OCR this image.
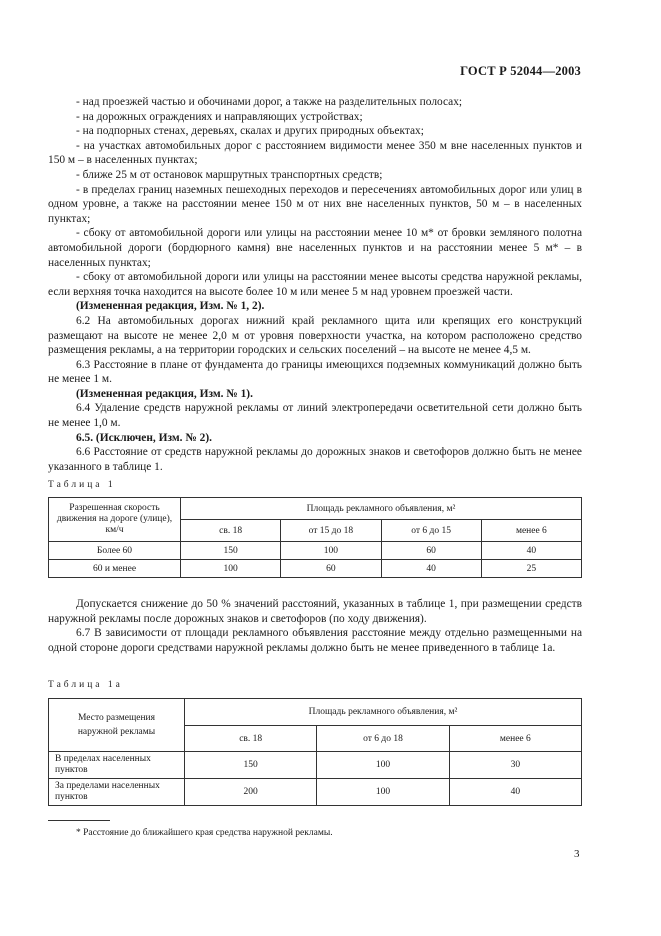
ГОСТ Р 52044—2003

- над проезжей частью и обочинами дорог, а также на разделительных полосах;

- на дорожных ограждениях и направляющих устройствах;

- на подпорных стенах, деревьях, скалах и других природных объектах;

- на участках автомобильных дорог с расстоянием видимости менее 350 м вне населенных пунктов и 150 м – в населенных пунктах;

- ближе 25 м от остановок маршрутных транспортных средств;

- в пределах границ наземных пешеходных переходов и пересечениях автомобильных дорог или улиц в одном уровне, а также на расстоянии менее 150 м от них вне населенных пунктов, 50 м – в населенных пунктах;

- сбоку от автомобильной дороги или улицы на расстоянии менее 10 м* от бровки земляного полотна автомобильной дороги (бордюрного камня) вне населенных пунктов и на расстоянии менее 5 м* – в населенных пунктах;

- сбоку от автомобильной дороги или улицы на расстоянии менее высоты средства наружной рекламы, если верхняя точка находится на высоте более 10 м или менее 5 м над уровнем проезжей части.

(Измененная редакция, Изм. № 1, 2).

6.2 На автомобильных дорогах нижний край рекламного щита или крепящих его конструкций размещают на высоте не менее 2,0 м от уровня поверхности участка, на котором расположено средство размещения рекламы, а на территории городских и сельских поселений – на высоте не менее 4,5 м.

6.3 Расстояние в плане от фундамента до границы имеющихся подземных коммуникаций должно быть не менее 1 м.

(Измененная редакция, Изм. № 1).

6.4 Удаление средств наружной рекламы от линий электропередачи осветительной сети должно быть не менее 1,0 м.

6.5. (Исключен, Изм. № 2).

6.6 Расстояние от средств наружной рекламы до дорожных знаков и светофоров должно быть не менее указанного в таблице 1.

Таблица 1
Разрешенная скорость движения на дороге (улице), км/ч	Площадь рекламного объявления, м²			
	св. 18	от 15 до 18	от 6 до 15	менее 6
Более 60	150	100	60	40
60 и менее	100	60	40	25

Допускается снижение до 50 % значений расстояний, указанных в таблице 1, при размещении средств наружной рекламы после дорожных знаков и светофоров (по ходу движения).

6.7 В зависимости от площади рекламного объявления расстояние между отдельно размещенными на одной стороне дороги средствами наружной рекламы должно быть не менее приведенного в таблице 1а.

Таблица 1а
Место размещения наружной рекламы	Площадь рекламного объявления, м²		
	св. 18	от 6 до 18	менее 6
В пределах населенных пунктов	150	100	30
За пределами населенных пунктов	200	100	40
* Расстояние до ближайшего края средства наружной рекламы.
3
